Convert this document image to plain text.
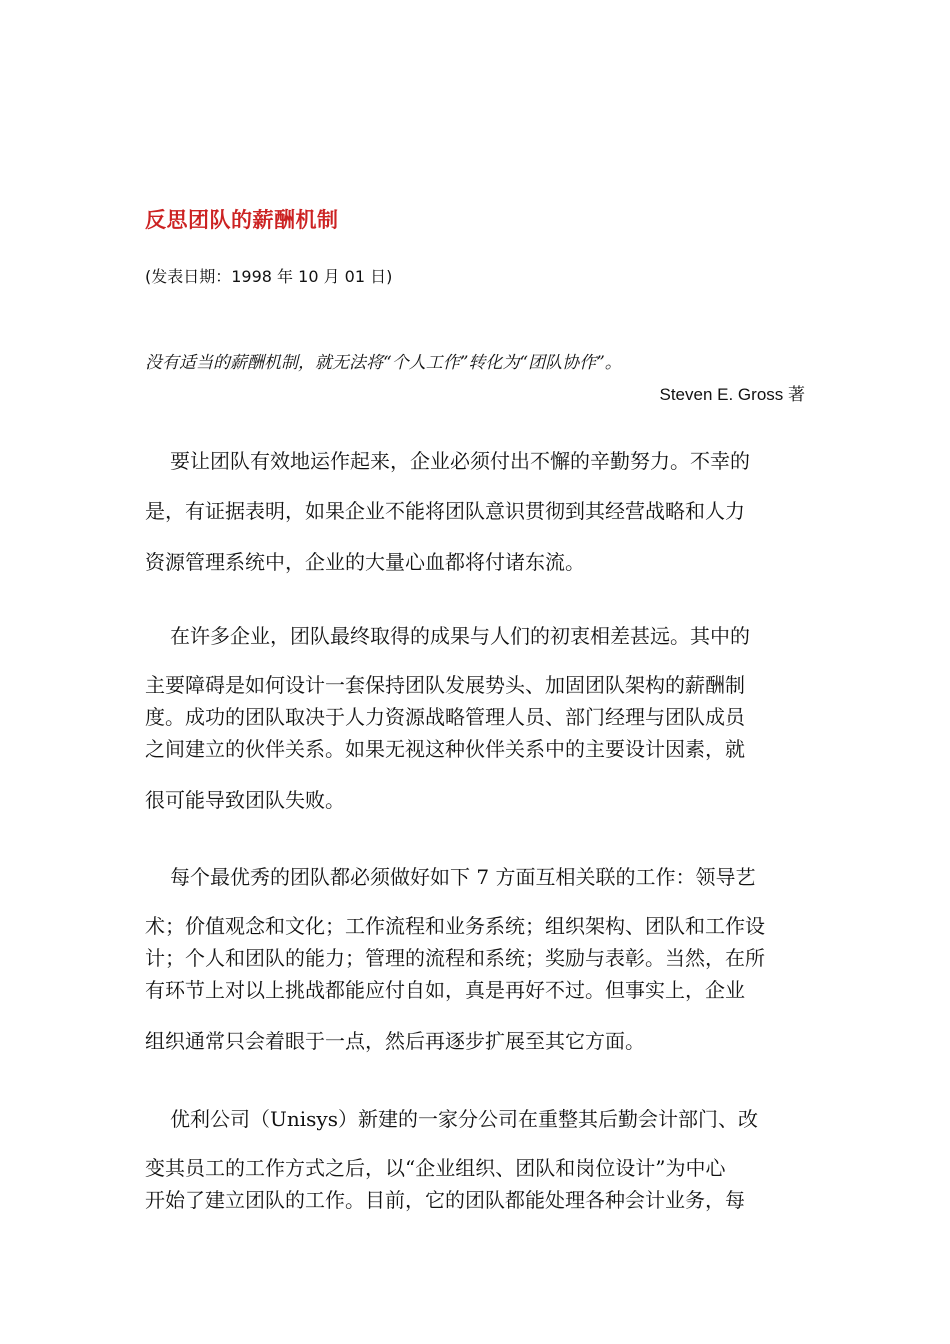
反思团队的薪酬机制
(发表日期：1998 年 10 月 01 日)
没有适当的薪酬机制，就无法将“个人工作”转化为“团队协作”。
Steven E. Gross 著
要让团队有效地运作起来，企业必须付出不懈的辛勤努力。不幸的
是，有证据表明，如果企业不能将团队意识贯彻到其经营战略和人力
资源管理系统中，企业的大量心血都将付诸东流。
在许多企业，团队最终取得的成果与人们的初衷相差甚远。其中的
主要障碍是如何设计一套保持团队发展势头、加固团队架构的薪酬制
度。成功的团队取决于人力资源战略管理人员、部门经理与团队成员
之间建立的伙伴关系。如果无视这种伙伴关系中的主要设计因素，就
很可能导致团队失败。
每个最优秀的团队都必须做好如下 7 方面互相关联的工作：领导艺
术；价值观念和文化；工作流程和业务系统；组织架构、团队和工作设
计；个人和团队的能力；管理的流程和系统；奖励与表彰。当然，在所
有环节上对以上挑战都能应付自如，真是再好不过。但事实上，企业
组织通常只会着眼于一点，然后再逐步扩展至其它方面。
优利公司（Unisys）新建的一家分公司在重整其后勤会计部门、改
变其员工的工作方式之后，以“企业组织、团队和岗位设计”为中心
开始了建立团队的工作。目前，它的团队都能处理各种会计业务，每
